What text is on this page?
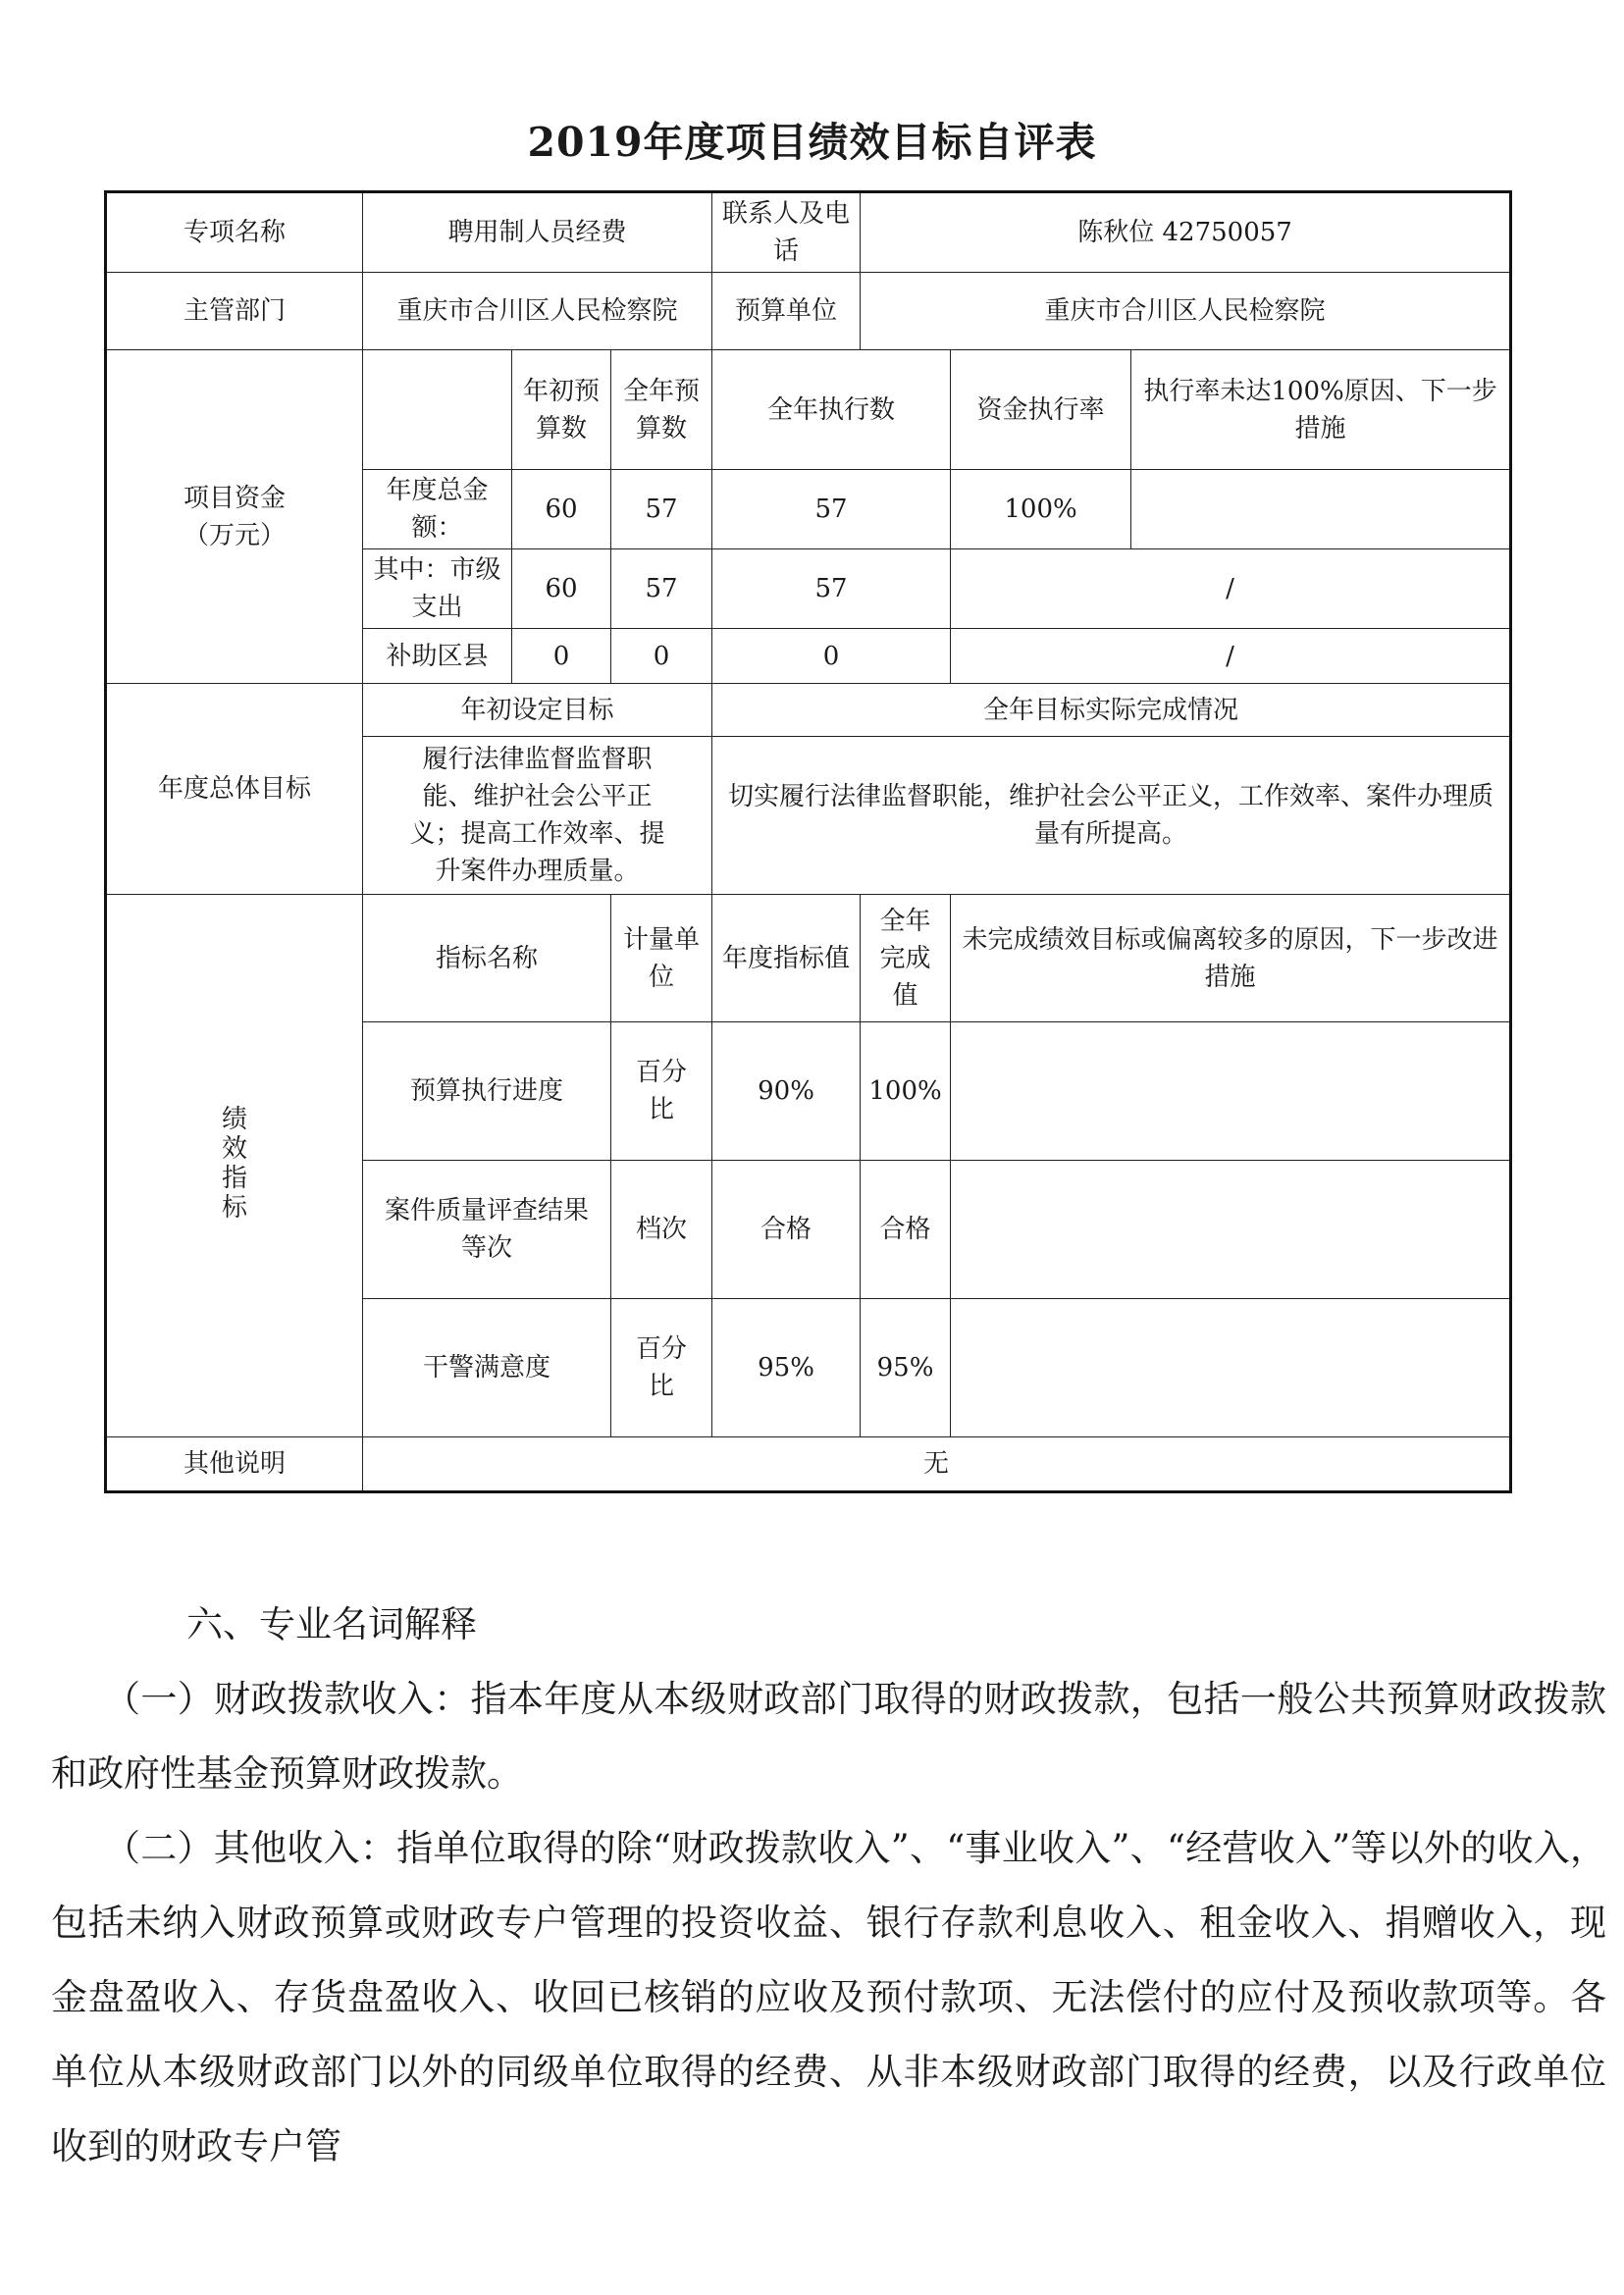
2019年度项目绩效目标自评表
专项名称	聘用制人员经费			联系人及电话	陈秋位 42750057		
主管部门	重庆市合川区人民检察院			预算单位	重庆市合川区人民检察院		
项目资金（万元）		年初预算数	全年预算数	全年执行数		资金执行率	执行率未达100%原因、下一步措施
	年度总金额：	60	57	57		100%	
	其中：市级支出	60	57	57		/	
	补助区县	0	0	0		/	
年度总体目标	年初设定目标			全年目标实际完成情况			
	履行法律监督监督职能、维护社会公平正义；提高工作效率、提升案件办理质量。			切实履行法律监督职能，维护社会公平正义，工作效率、案件办理质量有所提高。			
绩效指标	指标名称		计量单位	年度指标值	全年完成值	未完成绩效目标或偏离较多的原因，下一步改进措施	
	预算执行进度		百分比	90%	100%		
	案件质量评查结果等次		档次	合格	合格		
	干警满意度		百分比	95%	95%		
其他说明	无						
六、专业名词解释
（一）财政拨款收入：指本年度从本级财政部门取得的财政拨款，包括一般公共预算财政拨款和政府性基金预算财政拨款。
（二）其他收入：指单位取得的除“财政拨款收入”、“事业收入”、“经营收入”等以外的收入，包括未纳入财政预算或财政专户管理的投资收益、银行存款利息收入、租金收入、捐赠收入，现金盘盈收入、存货盘盈收入、收回已核销的应收及预付款项、无法偿付的应付及预收款项等。各单位从本级财政部门以外的同级单位取得的经费、从非本级财政部门取得的经费，以及行政单位收到的财政专户管
